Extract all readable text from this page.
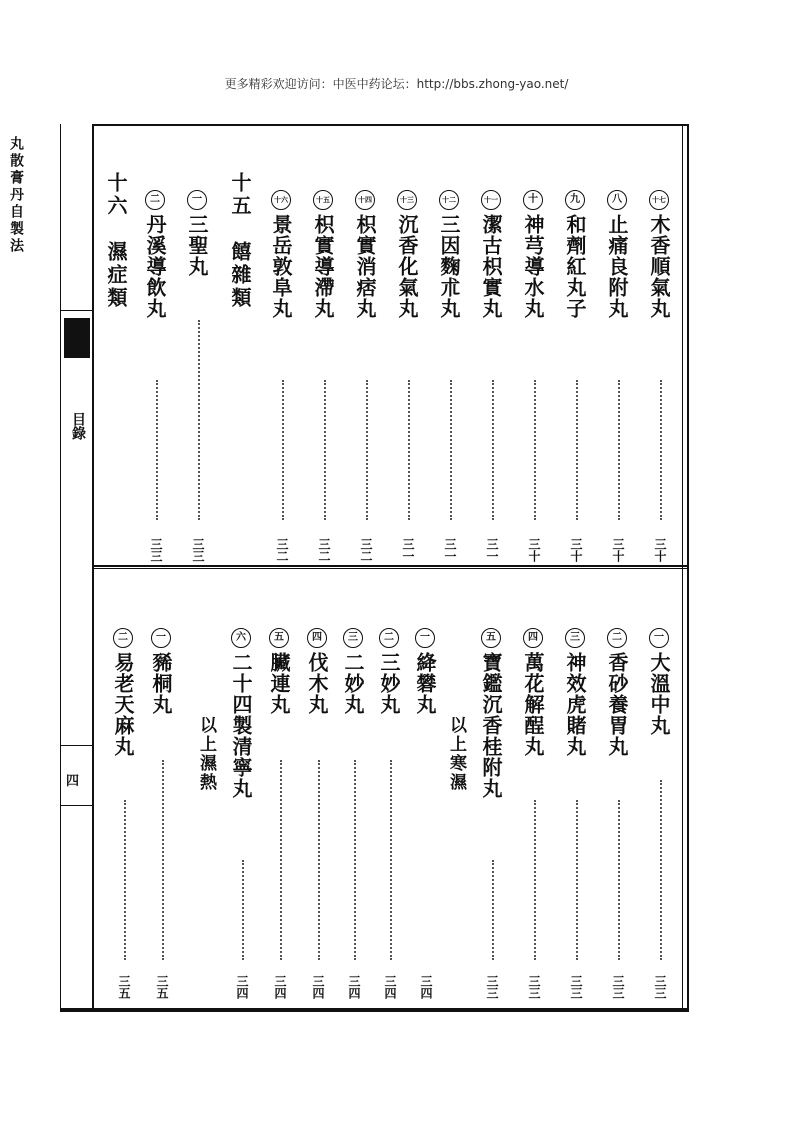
更多精彩欢迎访问：中医中药论坛：http://bbs.zhong-yao.net/
丸散膏丹自製法
目錄
四
十七木香順氣丸
三十
八止痛良附丸
三十
九和劑紅丸子
三十
十神芎導水丸
三十
十一潔古枳實丸
三一
十二三因麴朮丸
三一
十三沉香化氣丸
三一
十四枳實消痞丸
三二
十五枳實導滯丸
三二
十六景岳敦阜丸
三二
十五　饎雜類
一三聖丸
三三
二丹溪導飲丸
三三
十六　濕症類
一大溫中丸
三三
二香砂養胃丸
三三
三神效虎賭丸
三三
四萬花解酲丸
三三
五寶鑑沉香桂附丸
三三
以上寒濕
一絳礬丸
三四
二三妙丸
三四
三二妙丸
三四
四伐木丸
三四
五臟連丸
三四
六二十四製清寧丸
三四
以上濕熱
一豨桐丸
三五
二易老天麻丸
三五
